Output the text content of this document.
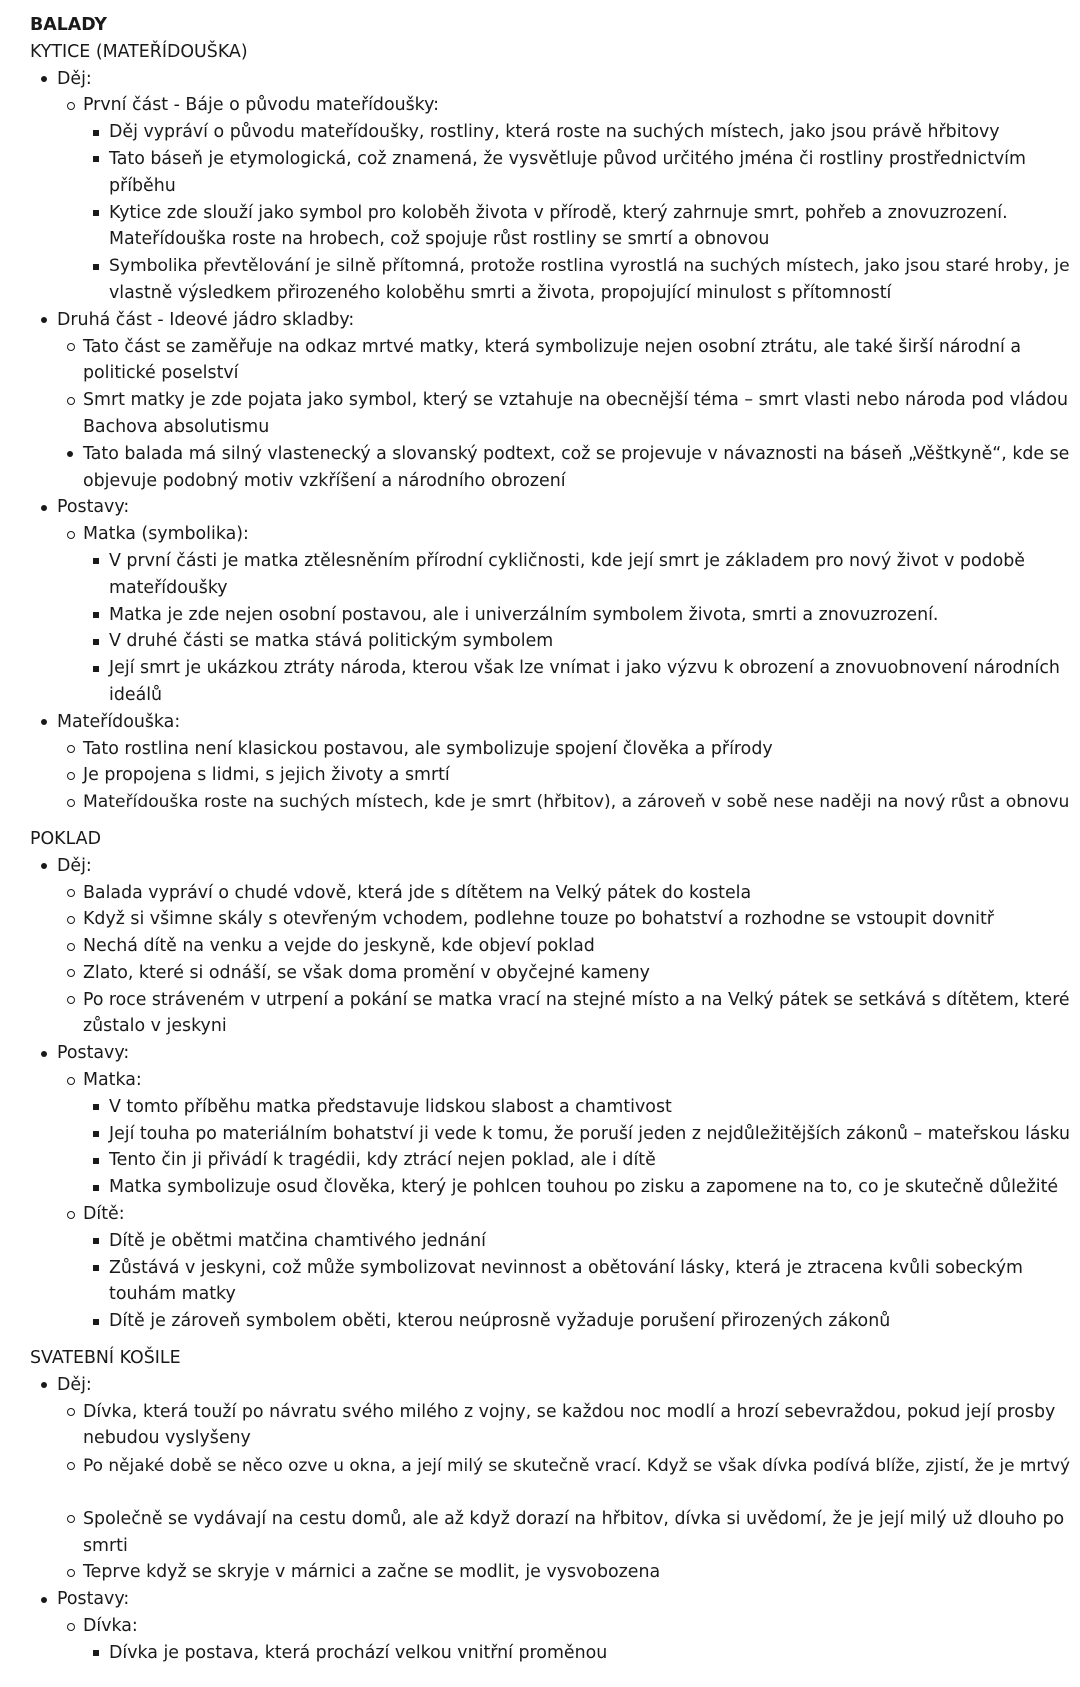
BALADY
KYTICE (MATEŘÍDOUŠKA)
Děj:
První část - Báje o původu mateřídoušky:
Děj vypráví o původu mateřídoušky, rostliny, která roste na suchých místech, jako jsou právě hřbitovy
Tato báseň je etymologická, což znamená, že vysvětluje původ určitého jména či rostliny prostřednictvím
příběhu
Kytice zde slouží jako symbol pro koloběh života v přírodě, který zahrnuje smrt, pohřeb a znovuzrození.
Mateřídouška roste na hrobech, což spojuje růst rostliny se smrtí a obnovou
Symbolika převtělování je silně přítomná, protože rostlina vyrostlá na suchých místech, jako jsou staré hroby, je
vlastně výsledkem přirozeného koloběhu smrti a života, propojující minulost s přítomností
Druhá část - Ideové jádro skladby:
Tato část se zaměřuje na odkaz mrtvé matky, která symbolizuje nejen osobní ztrátu, ale také širší národní a
politické poselství
Smrt matky je zde pojata jako symbol, který se vztahuje na obecnější téma – smrt vlasti nebo národa pod vládou
Bachova absolutismu
Tato balada má silný vlastenecký a slovanský podtext, což se projevuje v návaznosti na báseň „Věštkyně“, kde se
objevuje podobný motiv vzkříšení a národního obrození
Postavy:
Matka (symbolika):
V první části je matka ztělesněním přírodní cykličnosti, kde její smrt je základem pro nový život v podobě
mateřídoušky
Matka je zde nejen osobní postavou, ale i univerzálním symbolem života, smrti a znovuzrození.
V druhé části se matka stává politickým symbolem
Její smrt je ukázkou ztráty národa, kterou však lze vnímat i jako výzvu k obrození a znovuobnovení národních
ideálů
Mateřídouška:
Tato rostlina není klasickou postavou, ale symbolizuje spojení člověka a přírody
Je propojena s lidmi, s jejich životy a smrtí
Mateřídouška roste na suchých místech, kde je smrt (hřbitov), a zároveň v sobě nese naději na nový růst a obnovu
POKLAD
Děj:
Balada vypráví o chudé vdově, která jde s dítětem na Velký pátek do kostela
Když si všimne skály s otevřeným vchodem, podlehne touze po bohatství a rozhodne se vstoupit dovnitř
Nechá dítě na venku a vejde do jeskyně, kde objeví poklad
Zlato, které si odnáší, se však doma promění v obyčejné kameny
Po roce stráveném v utrpení a pokání se matka vrací na stejné místo a na Velký pátek se setkává s dítětem, které
zůstalo v jeskyni
Postavy:
Matka:
V tomto příběhu matka představuje lidskou slabost a chamtivost
Její touha po materiálním bohatství ji vede k tomu, že poruší jeden z nejdůležitějších zákonů – mateřskou lásku
Tento čin ji přivádí k tragédii, kdy ztrácí nejen poklad, ale i dítě
Matka symbolizuje osud člověka, který je pohlcen touhou po zisku a zapomene na to, co je skutečně důležité
Dítě:
Dítě je obětmi matčina chamtivého jednání
Zůstává v jeskyni, což může symbolizovat nevinnost a obětování lásky, která je ztracena kvůli sobeckým
touhám matky
Dítě je zároveň symbolem oběti, kterou neúprosně vyžaduje porušení přirozených zákonů
SVATEBNÍ KOŠILE
Děj:
Dívka, která touží po návratu svého milého z vojny, se každou noc modlí a hrozí sebevraždou, pokud její prosby
nebudou vyslyšeny
Po nějaké době se něco ozve u okna, a její milý se skutečně vrací. Když se však dívka podívá blíže, zjistí, že je mrtvý
Společně se vydávají na cestu domů, ale až když dorazí na hřbitov, dívka si uvědomí, že je její milý už dlouho po
smrti
Teprve když se skryje v márnici a začne se modlit, je vysvobozena
Postavy:
Dívka:
Dívka je postava, která prochází velkou vnitřní proměnou
